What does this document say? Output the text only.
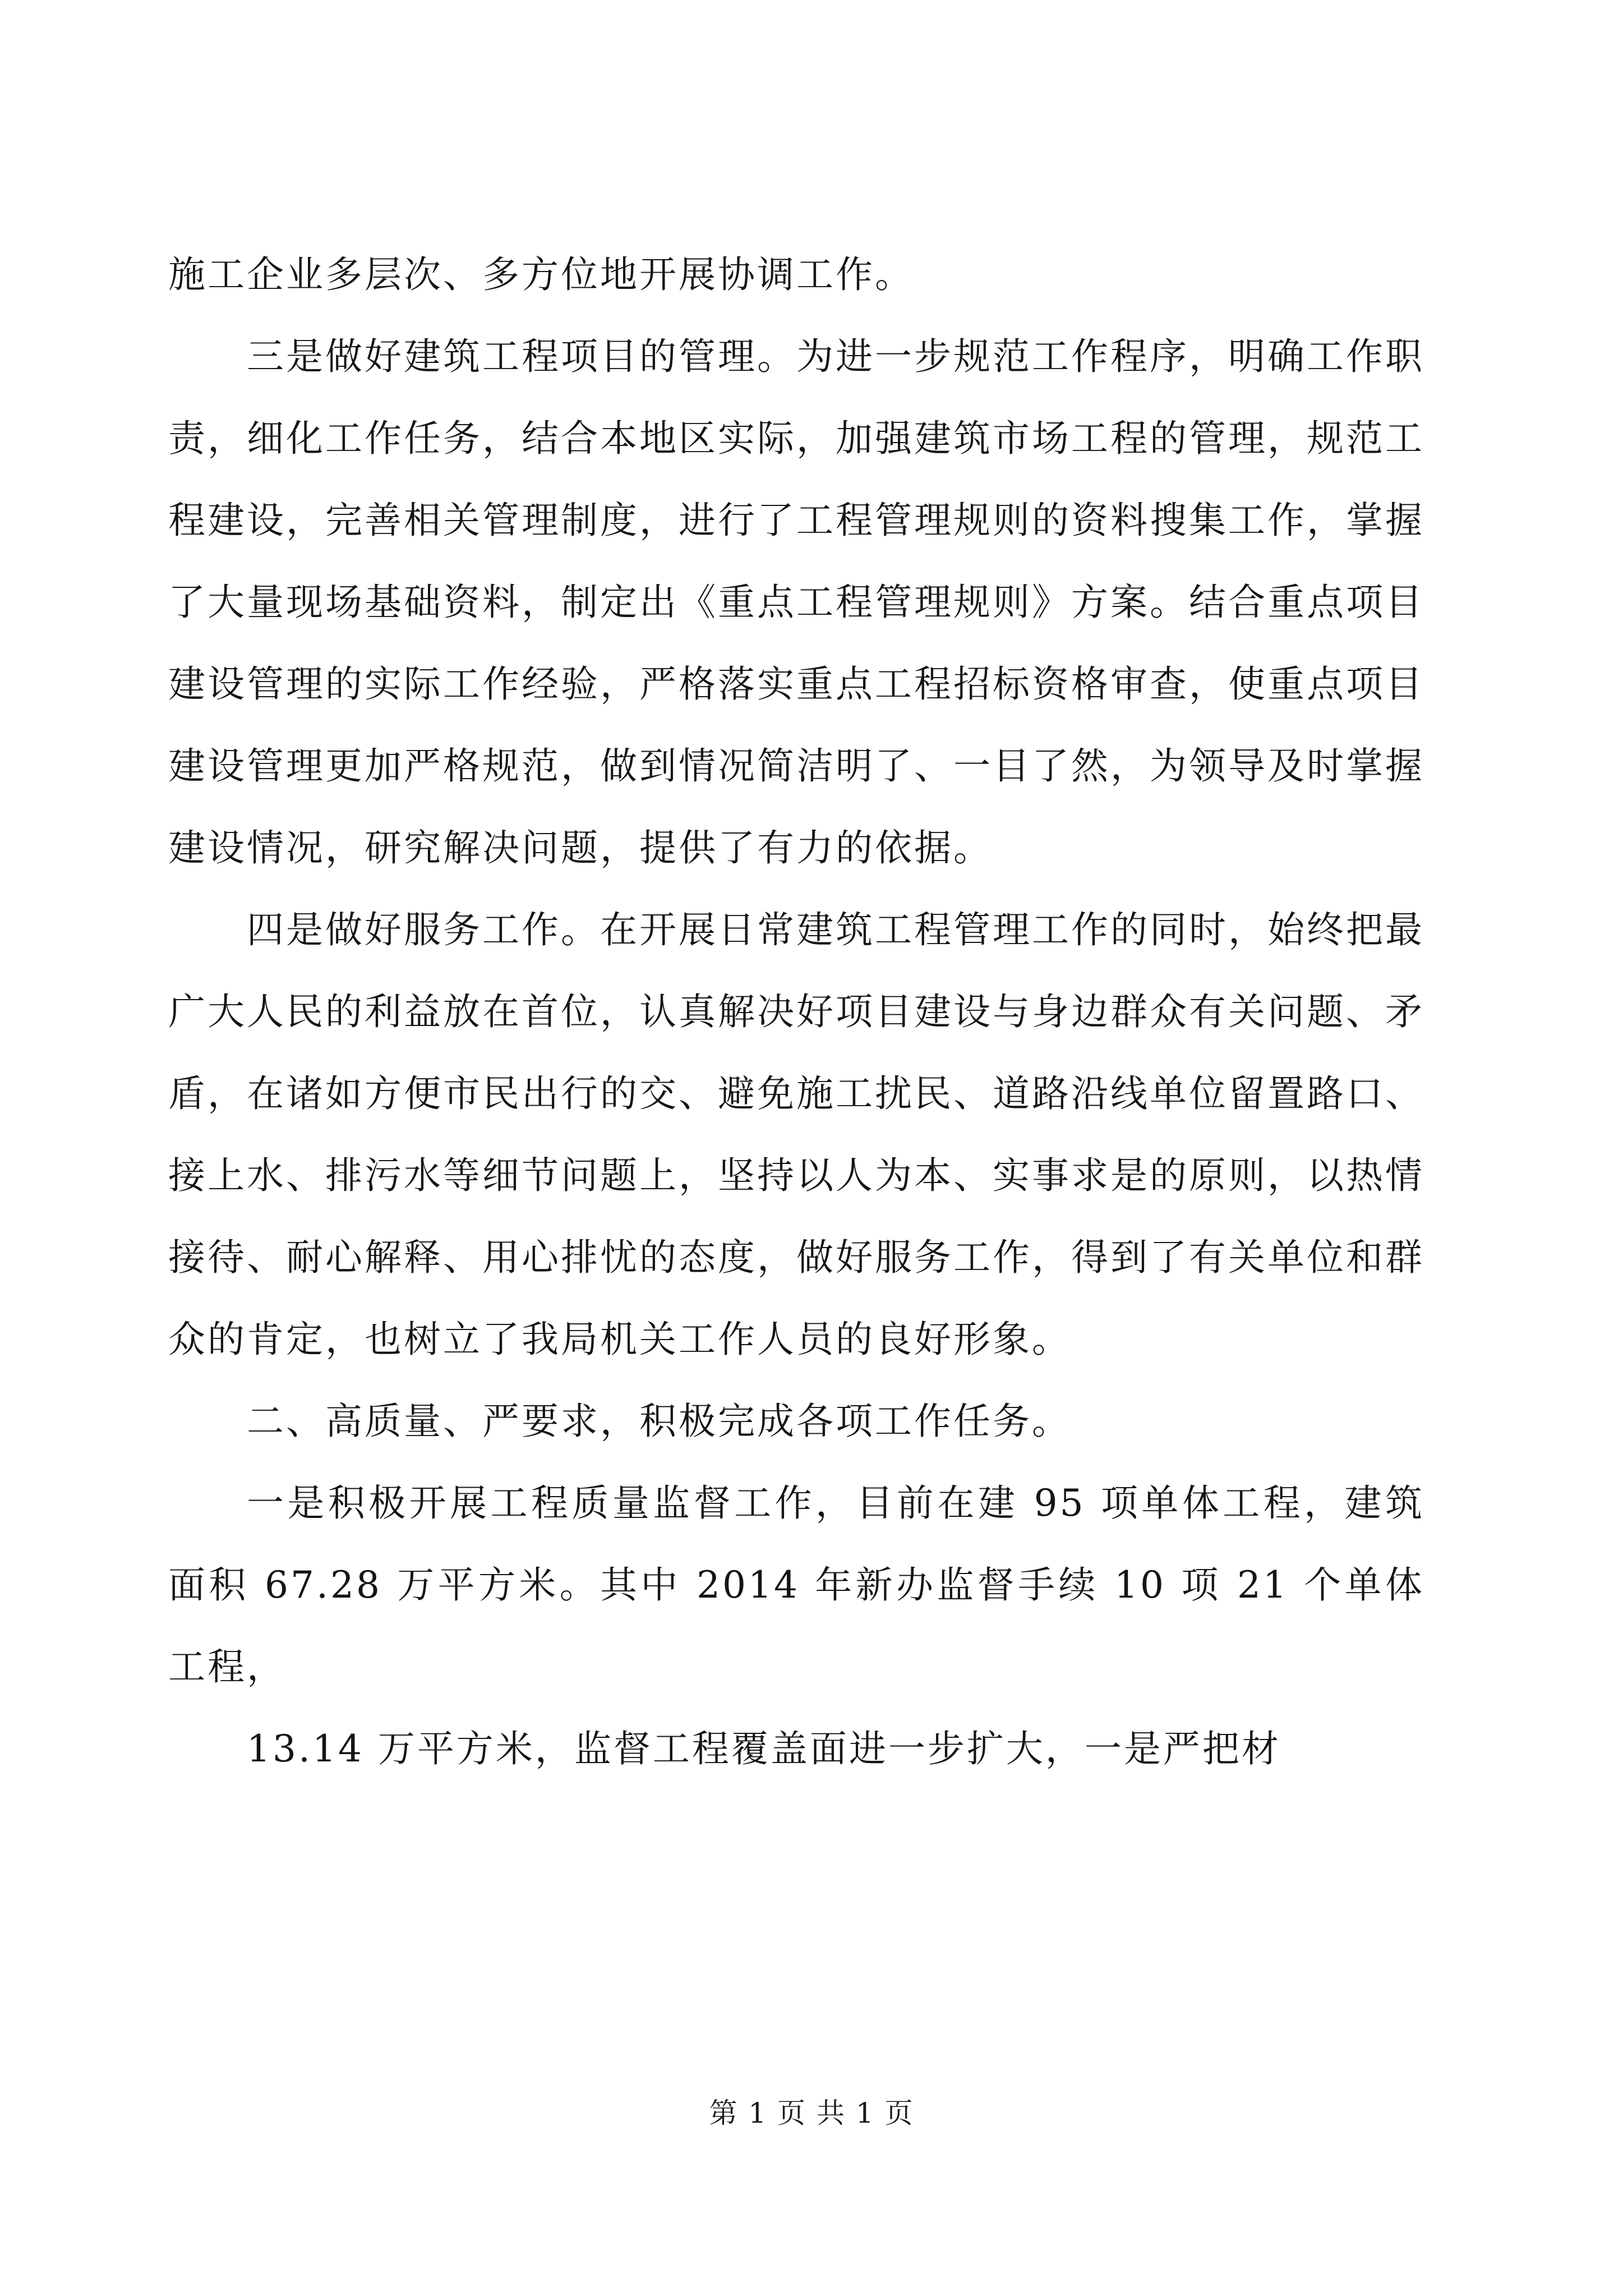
施工企业多层次、多方位地开展协调工作。

三是做好建筑工程项目的管理。为进一步规范工作程序，明确工作职责，细化工作任务，结合本地区实际，加强建筑市场工程的管理，规范工程建设，完善相关管理制度，进行了工程管理规则的资料搜集工作，掌握了大量现场基础资料，制定出《重点工程管理规则》方案。结合重点项目建设管理的实际工作经验，严格落实重点工程招标资格审查，使重点项目建设管理更加严格规范，做到情况简洁明了、一目了然，为领导及时掌握建设情况，研究解决问题，提供了有力的依据。

四是做好服务工作。在开展日常建筑工程管理工作的同时，始终把最广大人民的利益放在首位，认真解决好项目建设与身边群众有关问题、矛盾，在诸如方便市民出行的交、避免施工扰民、道路沿线单位留置路口、接上水、排污水等细节问题上，坚持以人为本、实事求是的原则，以热情接待、耐心解释、用心排忧的态度，做好服务工作，得到了有关单位和群众的肯定，也树立了我局机关工作人员的良好形象。

二、高质量、严要求，积极完成各项工作任务。

一是积极开展工程质量监督工作，目前在建 95 项单体工程，建筑面积 67.28 万平方米。其中 2014 年新办监督手续 10 项 21 个单体工程，

13.14 万平方米，监督工程覆盖面进一步扩大，一是严把材

第 1 页 共 1 页
